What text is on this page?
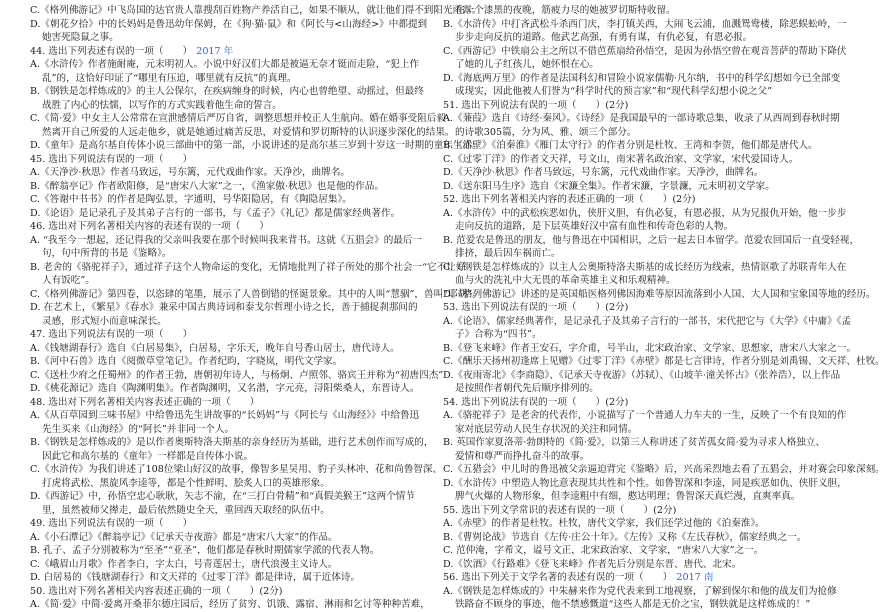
C.《格列佛游记》中飞岛国的达官贵人靠搜刮百姓物产养活自己，如果不顺从，就让他们得不到阳光雨露。
D.《朝花夕拾》中的长妈妈是鲁迅幼年保姆，在《狗·猫·鼠》和《阿长与<山海经>》中都提到
她害死隐鼠之事。
44. 选出下列表述有误的一项（　　） 2017 年
A.《水浒传》作者施耐庵，元末明初人。小说中好汉们大都是被逼无奈才铤而走险，“犯上作
乱”的，这恰好印证了“哪里有压迫，哪里就有反抗”的真理。
B.《钢铁是怎样炼成的》的主人公保尔，在疾病缠身的时候，内心也曾绝望、动摇过，但最终
战胜了内心的怯懦，以写作的方式实践着他生命的誓言。
C.《简·爱》中女主人公常常在宣泄感情后严厉自省，调整思想并校正人生航向。婚在婚事受阻后毅
然离开自己所爱的人远走他乡，就是她通过痛苦反思，对爱情和罗切斯特的认识逐步深化的结果。
D.《童年》是高尔基自传体小说三部曲中的第一部，小说讲述的是高尔基三岁到十岁这一时期的童年生活。
45. 选出下列说法有误的一项（　　）
A.《天净沙·秋思》作者马致远，号东篱，元代戏曲作家。天净沙，曲牌名。
B.《醉翁亭记》作者欧阳修，是“唐宋八大家”之一，《渔家傲·秋思》也是他的作品。
C.《答谢中书书》的作者是陶弘景，字通明，号华阳隐居，有《陶隐居集》。
D.《论语》是记录孔子及其弟子言行的一部书，与《孟子》《礼记》都是儒家经典著作。
46. 选出对下列名著相关内容的表述有误的一项（　　）
A. “我至今一想起，还记得我的父亲叫我要在那个时候叫我来背书。这就《五猖会》的最后一
句，句中所背的书是《鉴略》。
B. 老舍的《骆驼祥子》，通过祥子这个人物命运的变化，无情地批判了祥子所处的那个社会一“它不让好
人有饭吃”。
C.《格列佛游记》第四卷，以恣肆的笔墨，展示了人兽倒错的怪诞景象。其中的人叫“慧骃”，兽叫“耶胡”。
D. 在艺术上，《繁星》《春水》兼采中国古典诗词和泰戈尔哲理小诗之长，善于捕捉刹那间的
灵感，形式短小而意味深长。
47. 选出下列说法有误的一项（　　）
A.《钱塘湖春行》选自《白居易集》，白居易，字乐天，晚年自号香山居士，唐代诗人。
B.《河中石兽》选自《阅微草堂笔记》。作者纪昀，字晓岚，明代文学家。
C.《送杜少府之任蜀州》的作者王勃，唐朝初年诗人，与杨炯、卢照邻、骆宾王并称为“初唐四杰”
D.《桃花源记》选自《陶渊明集》。作者陶渊明，又名潜，字元亮，浔阳柴桑人，东晋诗人。
48. 选出对下列名著相关内容表述正确的一项（　　）
A.《从百草园到三味书屋》中给鲁迅先生讲故事的“长妈妈”与《阿长与《山海经》》中给鲁迅
先生买来《山海经》的“阿长”并非同一个人。
B.《钢铁是怎样炼成的》是以作者奥斯特洛夫斯基的亲身经历为基础，进行艺术创作而写成的，
因此它和高尔基的《童年》一样都是自传体小说。
C.《水浒传》为我们讲述了108位梁山好汉的故事，像智多星吴用、豹子头林冲、花和尚鲁智深、
打虎将武松、黑旋风李逵等，都是个性鲜明、脍炙人口的英雄形象。
D.《西游记》中，孙悟空忠心耿耿，矢志不渝，在“三打白骨精”和“真假美猴王”这两个情节
里，虽然被师父撵走，最后依然随史全天，重回西天取经的队伍中。
49. 选出下列说法有误的一项（　　）
A.《小石潭记》《醉翁亭记》《记承天寺夜游》都是“唐宋八大家”的作品。
B. 孔子、孟子分别被称为“至圣”“亚圣”，他们都是春秋时期儒家学派的代表人物。
C.《峨眉山月歌》作者李白，字太白，号青莲居士，唐代浪漫主义诗人。
D. 白居易的《钱塘湖春行》和文天祥的《过零丁洋》都是律诗，属于近体诗。
50. 选出对下列名著相关内容表述正确的一项（　　）(2分)
A.《简·爱》中简·爱离开桑菲尔德庄园后，经历了贫穷、饥饿、露宿、淋雨和乞讨等种种苦难，
在一个漆黑的夜晚，筋疲力尽的她被罗切斯特收留。
B.《水浒传》中打吝武松斗杀西门庆，李打镇关西，大闹飞云浦，血溅鸳鸯楼，除恶蜈蚣岭，一
步步走向反抗的道路。他武艺高强，有勇有谋，有仇必复，有恩必报。
C.《西游记》中铁扇公主之所以不借芭蕉扇给孙悟空，是因为孙悟空曾在观音菩萨的帮助下降伏
了她的儿子红孩儿，她怀恨在心。
D.《海底两万里》的作者是法国科幻和冒险小说家儒勒·凡尔纳，书中的科学幻想如今已全部变
成现实，因此他被人们誉为“科学时代的预言家”和“现代科学幻想小说之父”
51. 选出下列说法有误的一项（　　）(2分)
A.《蒹葭》选自《诗经·秦风》。《诗经》是我国最早的一部诗歌总集，收录了从西周到春秋时期
的诗歌305篇，分为风、雅、颂三个部分。
B.《赤壁》《泊秦淮》《雁门太守行》的作者分别是杜牧、王湾和李贺，他们都是唐代人。
C.《过零丁洋》的作者文天祥，号文山，南宋著名政治家、文学家，宋代爱国诗人。
D.《天净沙·秋思》作者马致远，号东篱，元代戏曲作家。天净沙，曲牌名。
D.《送东阳马生序》选自《宋濂全集》。作者宋濂，字景濂，元末明初文学家。
52. 选出下列名著相关内容的表述正确的一项（　　）(2分)
A.《水浒传》中的武松疾恶如仇，侠肝义胆，有仇必复，有恩必报，从为兄报仇开始，他一步步
走向反抗的道路，是下层英雄好汉中富有血性和传奇色彩的人物。
B. 范爱农是鲁迅的朋友，他与鲁迅在中国相识，之后一起去日本留学。范爱农回国后一直受轻视，
排挤，最后因车祸而亡。
C.《钢铁是怎样炼成的》以主人公奥斯特洛夫斯基的成长经历为线索，热情讴歌了苏联青年人在
血与火的洗礼中大无畏的革命英雄主义和乐观精神。
D.《格列佛游记》讲述的是英国船医格列佛因海难等原因流落到小人国、大人国和宝象国等地的经历。
53. 选出下列说法有误的一项（　　）(2分)
A.《论语》、儒家经典著作，是记录孔子及其弟子言行的一部书，宋代把它与《大学》《中庸》《孟
子》合称为“四书”。
B.《登飞来峰》作者王安石，字介甫，号半山，北宋政治家、文学家、思想家，唐宋八大家之一。
C.《酬乐天扬州初逢席上见赠》《过零丁洋》《赤壁》都是七言律诗，作者分别是刘禹锡、文天祥、杜牧。
D.《夜雨寄北》《李商隐》、《记承天寺夜游》（苏轼）、《山坡羊·潼关怀古》（张养浩），以上作品
是按照作者朝代先后顺序排列的。
54. 选出下列说法有误的一项（　　）(2分)
A.《骆驼祥子》是老舍的代表作，小说描写了一个普通人力车夫的一生，反映了一个有良知的作
家对底层劳动人民生存状况的关注和同情。
B. 英国作家夏洛蒂·勃朗特的《简·爱》，以第三人称讲述了贫苦孤女简·爱为寻求人格独立、
爱情和尊严而挣扎奋斗的故事。
C.《五猎会》中儿时的鲁迅被父亲逼迫背完《鉴略》后，兴高采烈地去看了五猖会，并对赛会印象深刻。
D.《水浒传》中塑造人物比意表现其共性和个性。如鲁智深和李逵，同是疾恶如仇、侠肝义胆，
脾气火爆的人物形象，但李逵粗中有细，憨达明理；鲁智深天真烂漫，直爽率真。
55. 选出下列文学常识的表述有误的一项（　　）(2分)
A.《赤壁》的作者是杜牧。杜牧，唐代文学家，我们还学过他的《泊秦淮》。
B.《曹刿论战》节选自《左传·庄公十年》。《左传》又称《左氏春秋》，儒家经典之一。
C. 范仲淹，字希文，谥号文正，北宋政治家、文学家，“唐宋八大家”之一。
D.《饮酒》《行路难》《登飞来峰》作者先后分别是东晋、唐代、北宋。
56. 选出下列关于文学名著的表述有误的一项（　　） 2017 南
A.《钢铁是怎样炼成的》中朱赫来作为党代表来到工地视察，了解到保尔和他的战友们为抢修
铁路奋不顾身的事迹，他不禁感慨道“这些人都是无价之宝，钢铁就是这样炼成的！”
